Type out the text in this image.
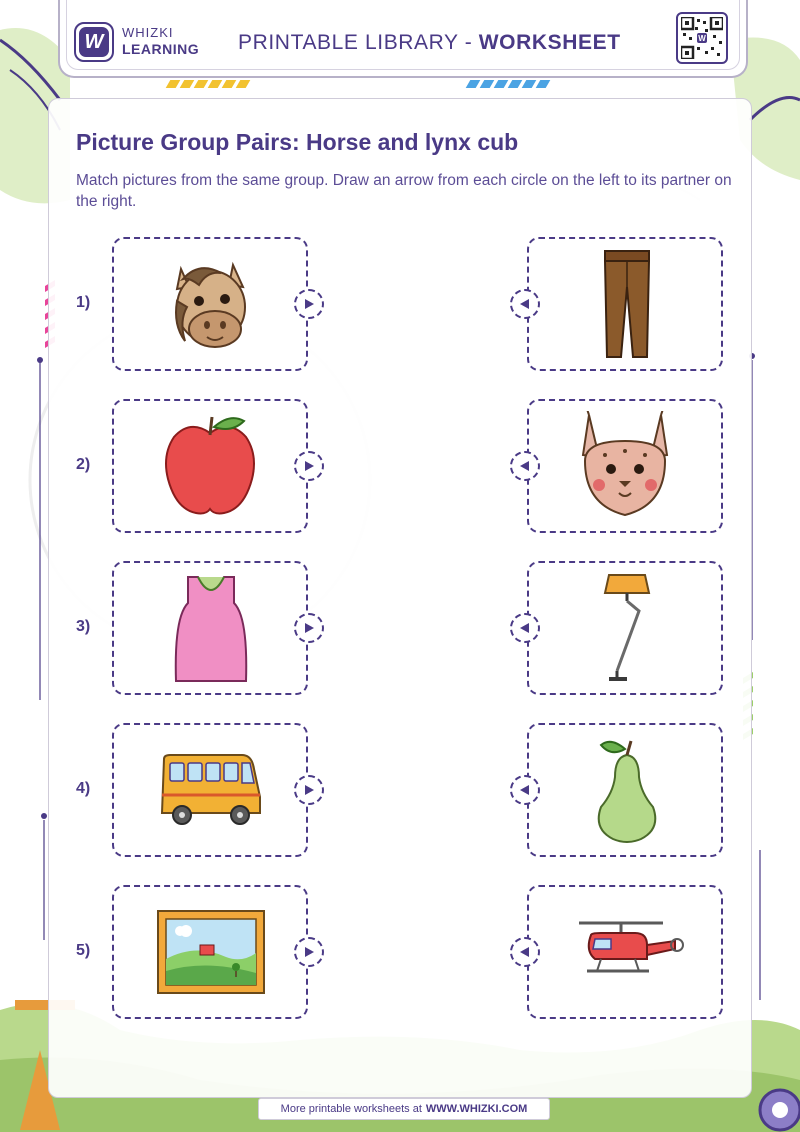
W	WHIZKI
LEARNING PRINTABLE LIBRARY - WORKSHEET	W
Picture Group Pairs: Horse and lynx cub
Match pictures from the same group. Draw an arrow from each circle on the left to its partner on the right.
1)
2)
3)
4)
5)
More printable worksheets at WWW.WHIZKI.COM
